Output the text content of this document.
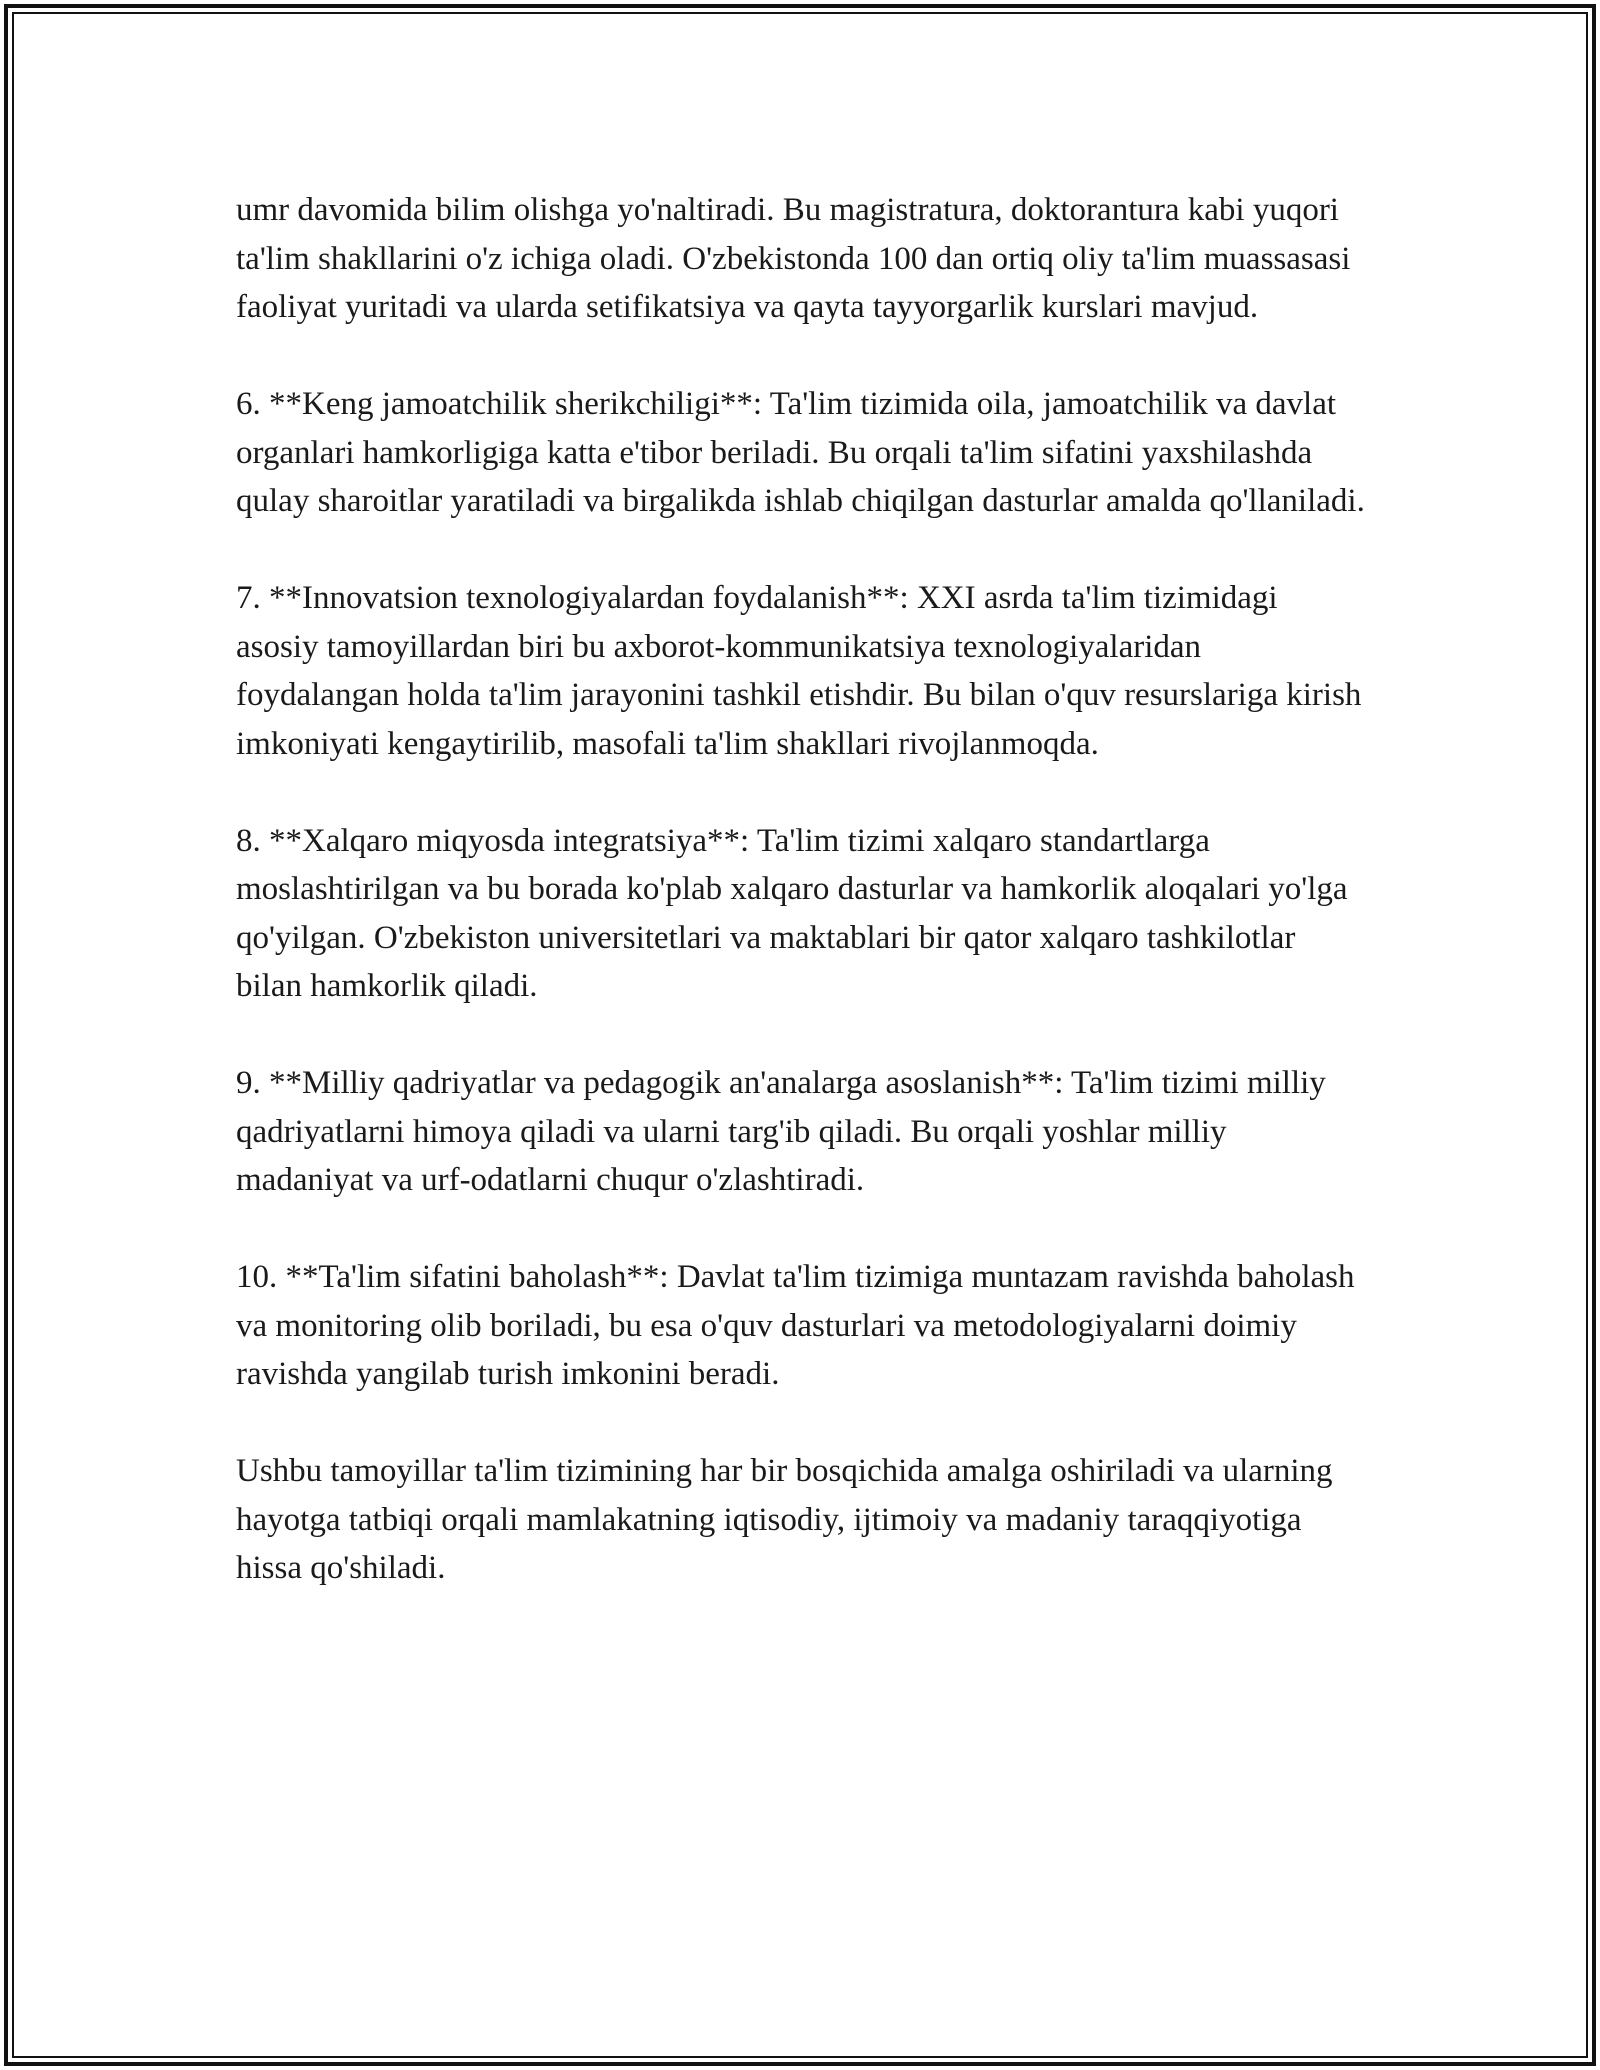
umr davomida bilim olishga yo'naltiradi. Bu magistratura, doktorantura kabi yuqori ta'lim shakllarini o'z ichiga oladi. O'zbekistonda 100 dan ortiq oliy ta'lim muassasasi faoliyat yuritadi va ularda setifikatsiya va qayta tayyorgarlik kurslari mavjud.

6. **Keng jamoatchilik sherikchiligi**: Ta'lim tizimida oila, jamoatchilik va davlat organlari hamkorligiga katta e'tibor beriladi. Bu orqali ta'lim sifatini yaxshilashda qulay sharoitlar yaratiladi va birgalikda ishlab chiqilgan dasturlar amalda qo'llaniladi.

7. **Innovatsion texnologiyalardan foydalanish**: XXI asrda ta'lim tizimidagi asosiy tamoyillardan biri bu axborot-kommunikatsiya texnologiyalaridan foydalangan holda ta'lim jarayonini tashkil etishdir. Bu bilan o'quv resurslariga kirish imkoniyati kengaytirilib, masofali ta'lim shakllari rivojlanmoqda.

8. **Xalqaro miqyosda integratsiya**: Ta'lim tizimi xalqaro standartlarga moslashtirilgan va bu borada ko'plab xalqaro dasturlar va hamkorlik aloqalari yo'lga qo'yilgan. O'zbekiston universitetlari va maktablari bir qator xalqaro tashkilotlar bilan hamkorlik qiladi.

9. **Milliy qadriyatlar va pedagogik an'analarga asoslanish**: Ta'lim tizimi milliy qadriyatlarni himoya qiladi va ularni targ'ib qiladi. Bu orqali yoshlar milliy madaniyat va urf-odatlarni chuqur o'zlashtiradi.

10. **Ta'lim sifatini baholash**: Davlat ta'lim tizimiga muntazam ravishda baholash va monitoring olib boriladi, bu esa o'quv dasturlari va metodologiyalarni doimiy ravishda yangilab turish imkonini beradi.

Ushbu tamoyillar ta'lim tizimining har bir bosqichida amalga oshiriladi va ularning hayotga tatbiqi orqali mamlakatning iqtisodiy, ijtimoiy va madaniy taraqqiyotiga hissa qo'shiladi.
